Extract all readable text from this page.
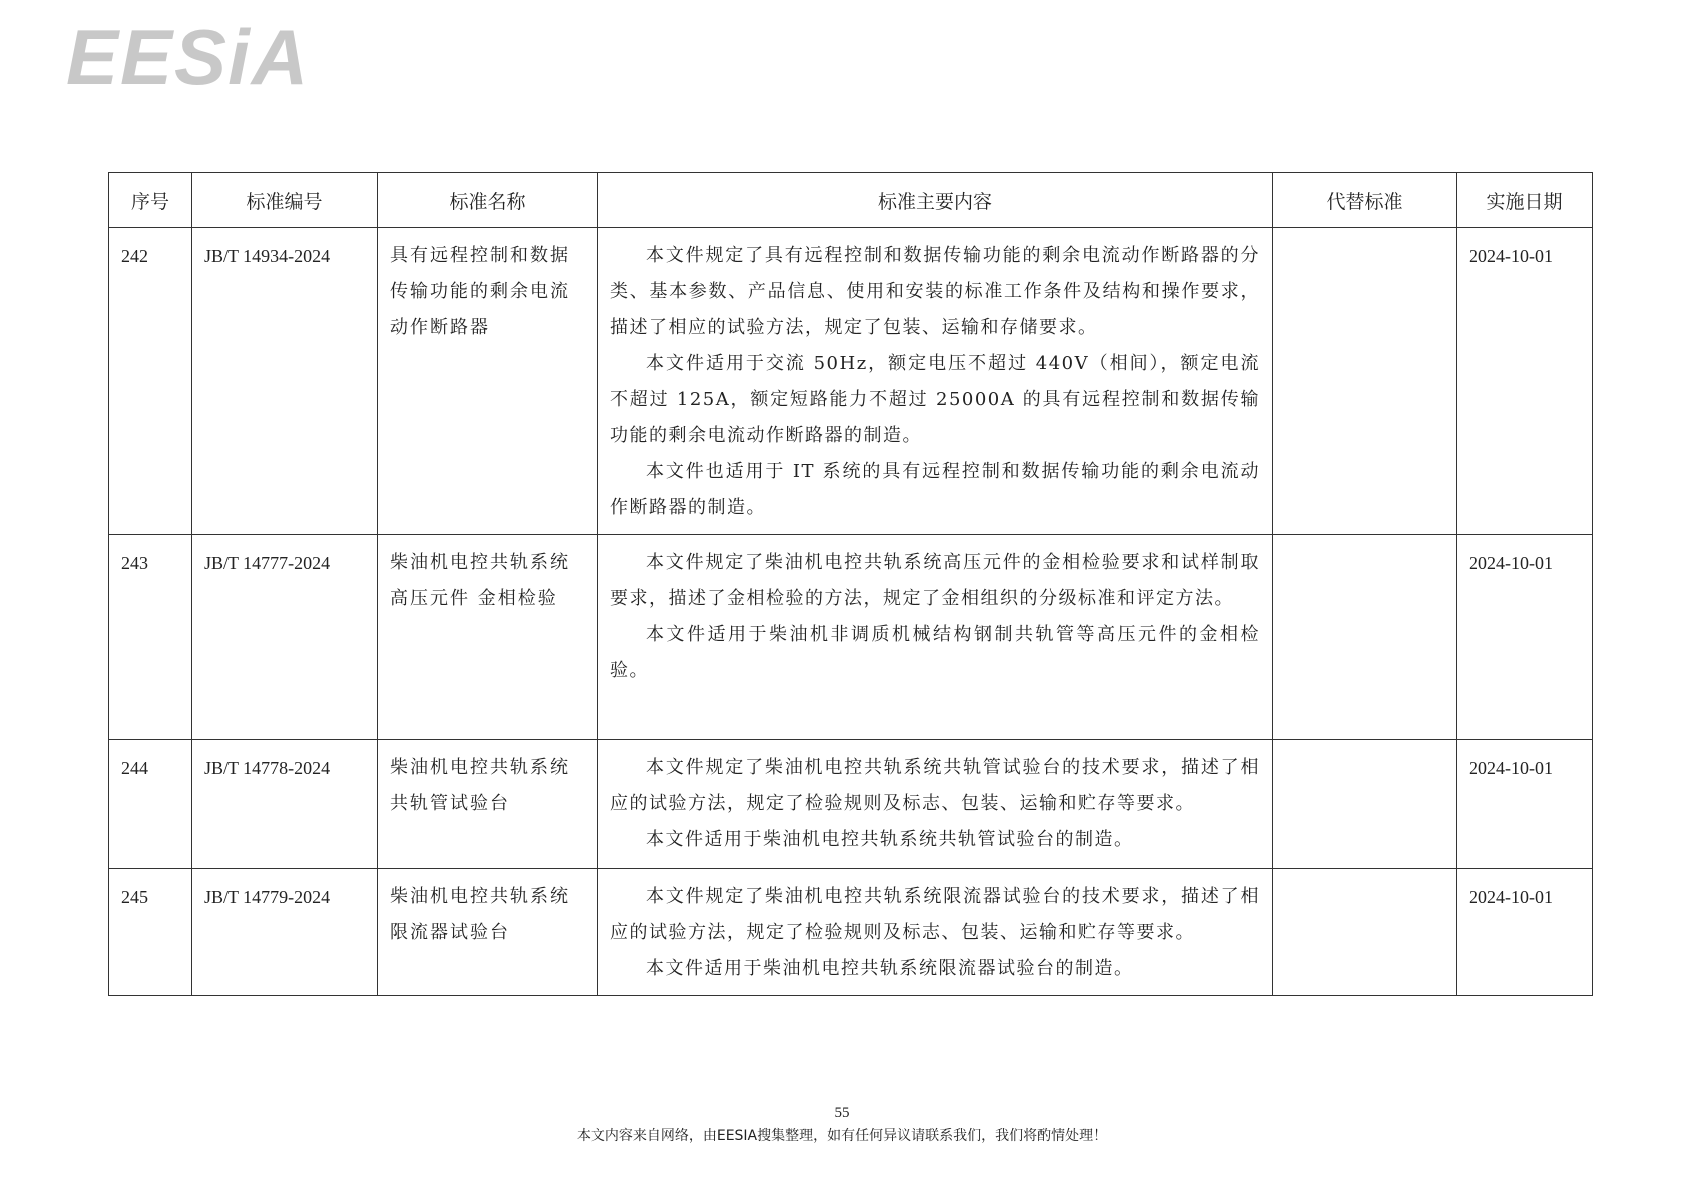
EESiA
序号	标准编号	标准名称	标准主要内容	代替标准	实施日期
242	JB/T 14934-2024	具有远程控制和数据传输功能的剩余电流动作断路器	本文件规定了具有远程控制和数据传输功能的剩余电流动作断路器的分类、基本参数、产品信息、使用和安装的标准工作条件及结构和操作要求，描述了相应的试验方法，规定了包装、运输和存储要求。

本文件适用于交流 50Hz，额定电压不超过 440V（相间），额定电流不超过 125A，额定短路能力不超过 25000A 的具有远程控制和数据传输功能的剩余电流动作断路器的制造。

本文件也适用于 IT 系统的具有远程控制和数据传输功能的剩余电流动作断路器的制造。		2024-10-01
243	JB/T 14777-2024	柴油机电控共轨系统高压元件 金相检验	本文件规定了柴油机电控共轨系统高压元件的金相检验要求和试样制取要求，描述了金相检验的方法，规定了金相组织的分级标准和评定方法。

本文件适用于柴油机非调质机械结构钢制共轨管等高压元件的金相检验。		2024-10-01
244	JB/T 14778-2024	柴油机电控共轨系统共轨管试验台	本文件规定了柴油机电控共轨系统共轨管试验台的技术要求，描述了相应的试验方法，规定了检验规则及标志、包装、运输和贮存等要求。

本文件适用于柴油机电控共轨系统共轨管试验台的制造。		2024-10-01
245	JB/T 14779-2024	柴油机电控共轨系统限流器试验台	本文件规定了柴油机电控共轨系统限流器试验台的技术要求，描述了相应的试验方法，规定了检验规则及标志、包装、运输和贮存等要求。

本文件适用于柴油机电控共轨系统限流器试验台的制造。		2024-10-01
55
本文内容来自网络，由EESIA搜集整理，如有任何异议请联系我们，我们将酌情处理！
